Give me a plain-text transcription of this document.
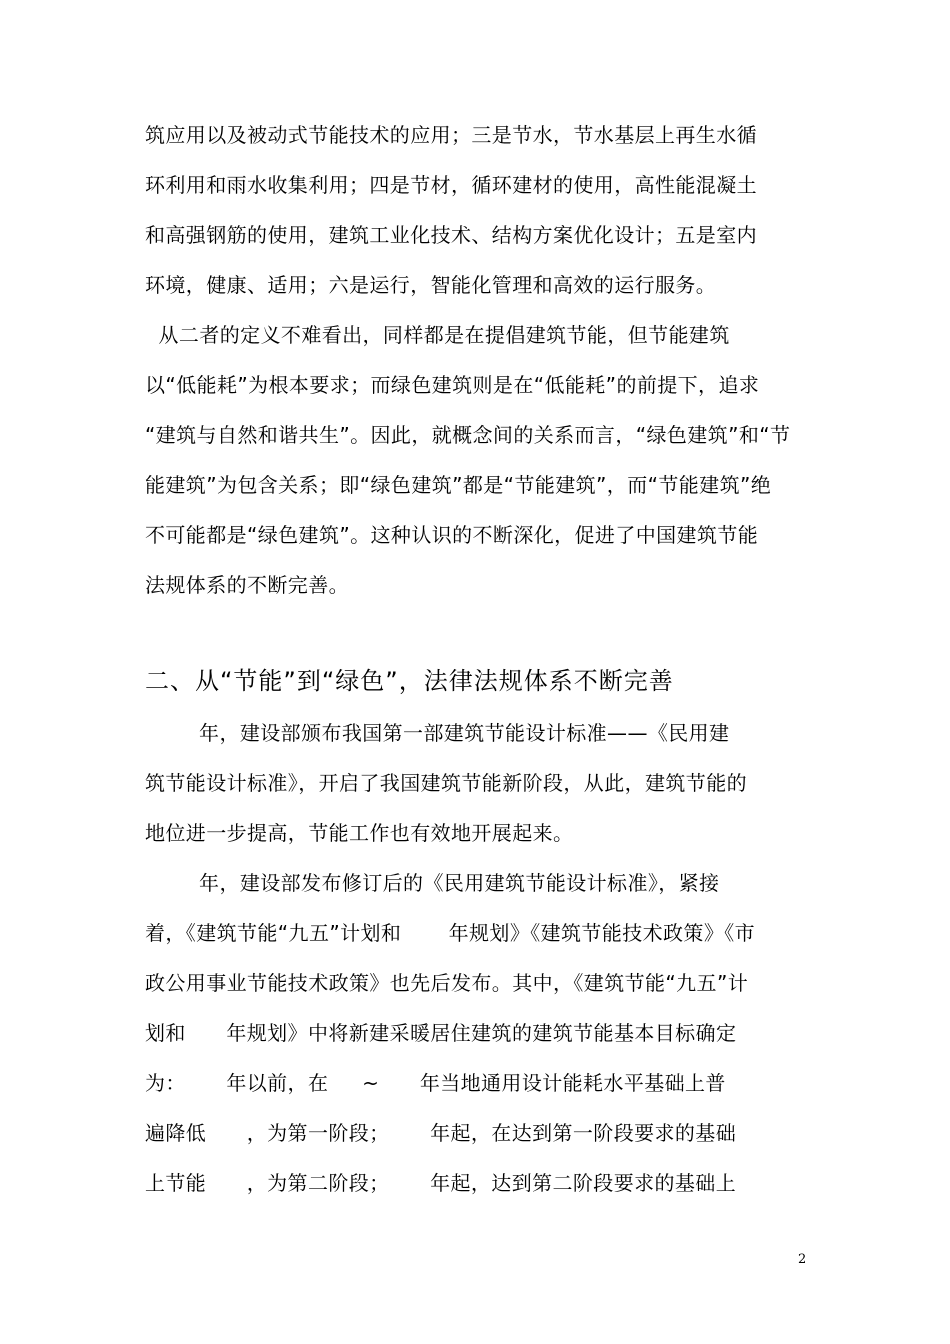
筑应用以及被动式节能技术的应用；三是节水，节水基层上再生水循
环利用和雨水收集利用；四是节材，循环建材的使用，高性能混凝土
和高强钢筋的使用，建筑工业化技术、结构方案优化设计；五是室内
环境，健康、适用；六是运行，智能化管理和高效的运行服务。
从二者的定义不难看出，同样都是在提倡建筑节能，但节能建筑
以“低能耗”为根本要求；而绿色建筑则是在“低能耗”的前提下，追求
“建筑与自然和谐共生”。因此，就概念间的关系而言，“绿色建筑”和“节
能建筑”为包含关系；即“绿色建筑”都是“节能建筑”，而“节能建筑”绝
不可能都是“绿色建筑”。这种认识的不断深化，促进了中国建筑节能
法规体系的不断完善。
二、从“节能”到“绿色”，法律法规体系不断完善
年，建设部颁布我国第一部建筑节能设计标准——《民用建
筑节能设计标准》，开启了我国建筑节能新阶段，从此，建筑节能的
地位进一步提高，节能工作也有效地开展起来。
年，建设部发布修订后的《民用建筑节能设计标准》，紧接
着，《建筑节能“九五”计划和       年规划》《建筑节能技术政策》《市
政公用事业节能技术政策》也先后发布。其中，《建筑节能“九五”计
划和      年规划》中将新建采暖居住建筑的建筑节能基本目标确定
为：      年以前，在     ~      年当地通用设计能耗水平基础上普
遍降低      ，为第一阶段；      年起，在达到第一阶段要求的基础
上节能      ，为第二阶段；      年起，达到第二阶段要求的基础上
2
